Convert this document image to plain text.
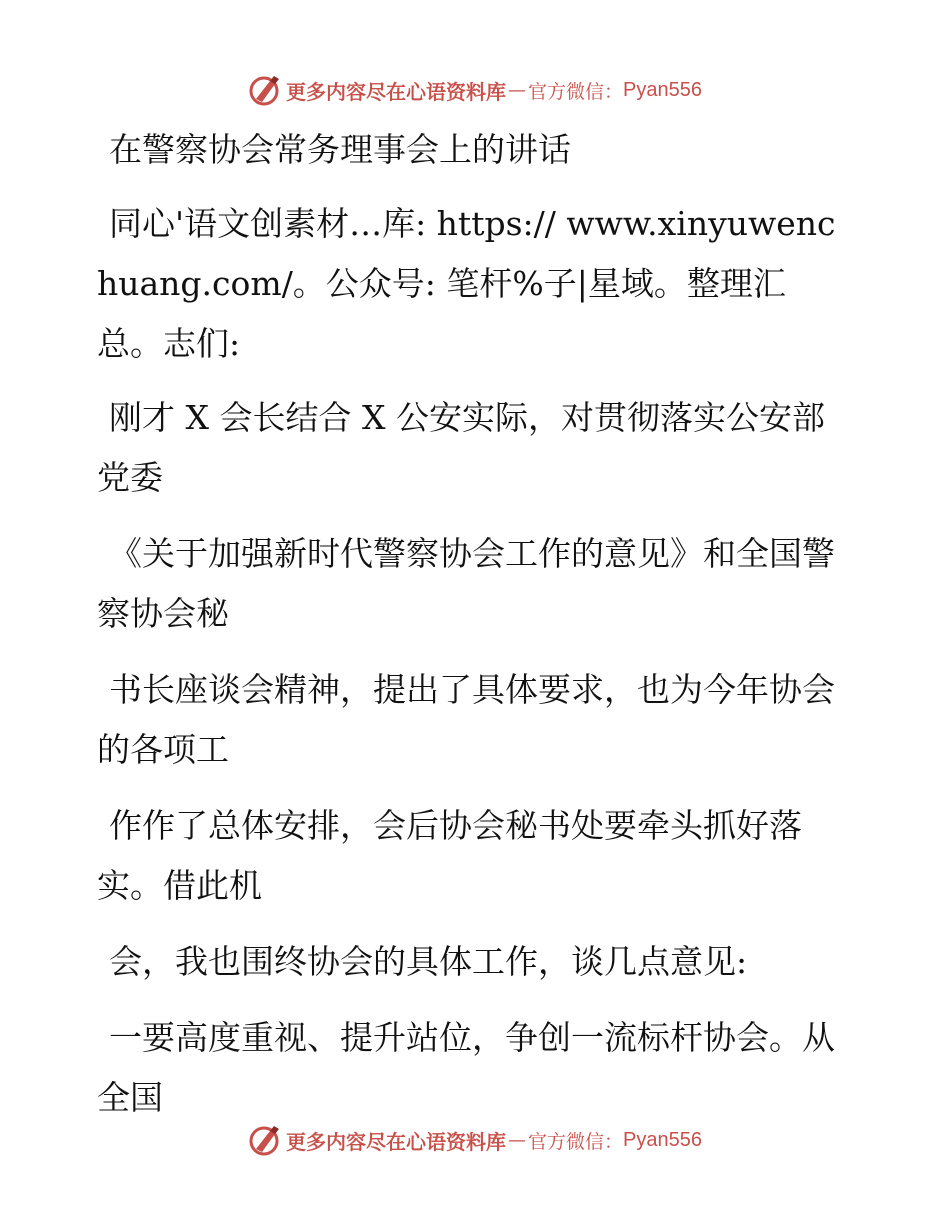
更多内容尽在心语资料库 — 官方微信： Pyan556

在警察协会常务理事会上的讲话

同心'语文创素材…库: https:// www.xinyuwenchuang.com/。公众号: 笔杆%子|星域。整理汇总。志们:

刚才 X 会长结合 X 公安实际，对贯彻落实公安部党委

《关于加强新时代警察协会工作的意见》和全国警察协会秘

书长座谈会精神，提出了具体要求，也为今年协会的各项工

作作了总体安排，会后协会秘书处要牵头抓好落实。借此机

会，我也围终协会的具体工作，谈几点意见:

一要高度重视、提升站位，争创一流标杆协会。从全国

更多内容尽在心语资料库 — 官方微信： Pyan556
